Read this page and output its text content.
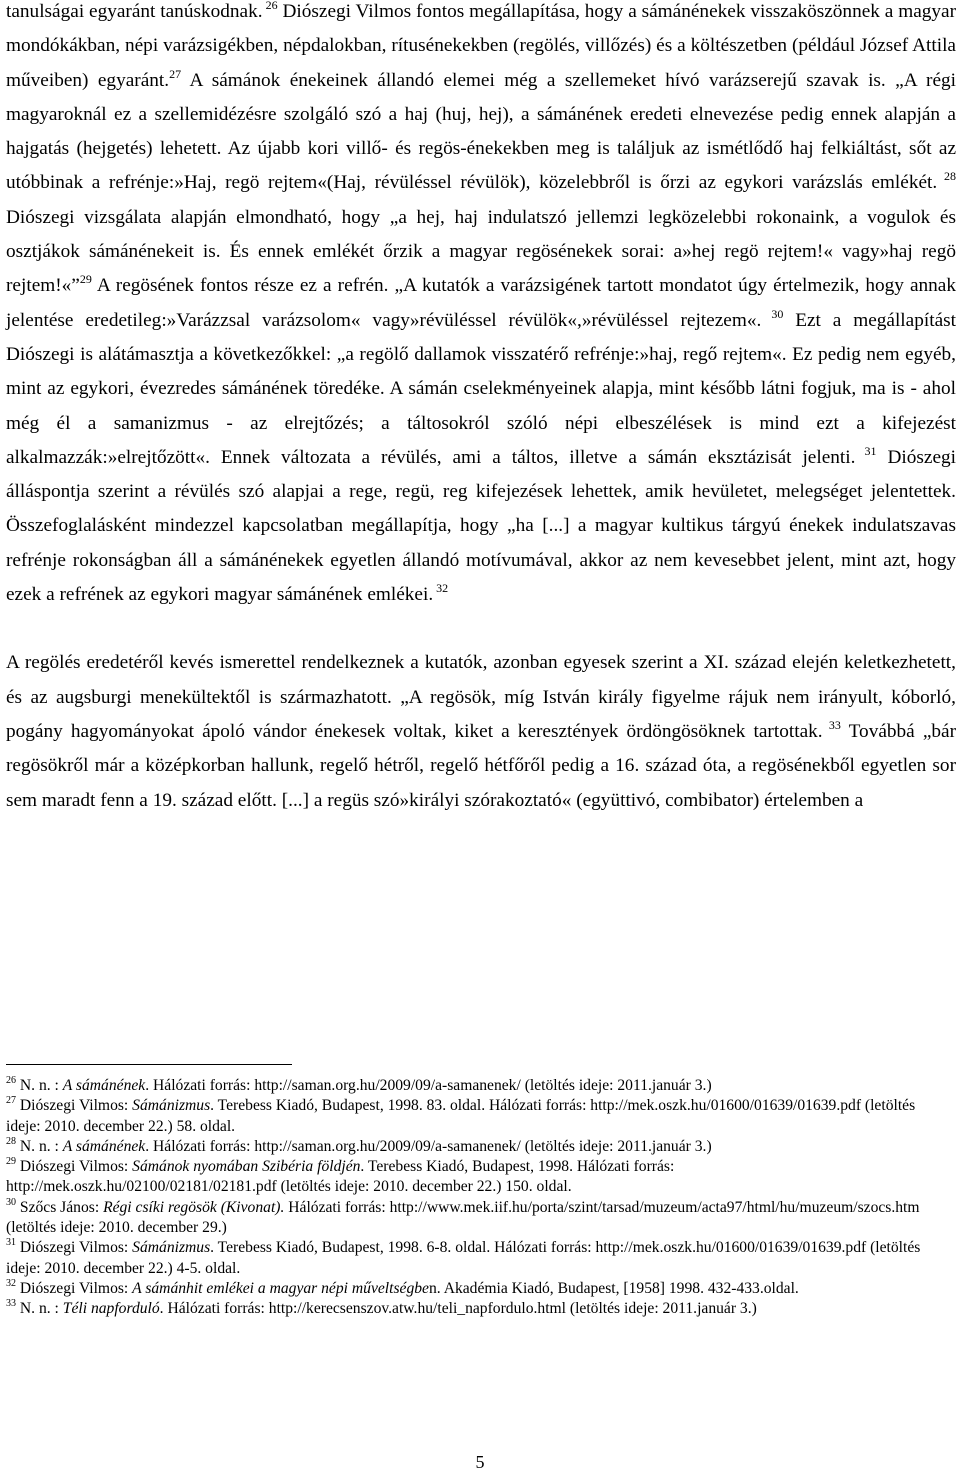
tanulságai egyaránt tanúskodnak. $^{26}$ Diószegi Vilmos fontos megállapítása, hogy a sámánénekek visszaköszönnek a magyar mondókákban, népi varázsigékben, népdalokban, rítusénekekben (regölés, villőzés) és a költészetben (például József Attila műveiben) egyaránt.$^{27}$ A sámánok énekeinek állandó elemei még a szellemeket hívó varázserejű szavak is. „A régi magyaroknál ez a szellemidézésre szolgáló szó a haj (huj, hej), a sámánének eredeti elnevezése pedig ennek alapján a hajgatás (hejgetés) lehetett. Az újabb kori villő- és regös-énekekben meg is találjuk az ismétlődő haj felkiáltást, sőt az utóbbinak a refrénje:»Haj, regö rejtem«(Haj, révüléssel révülök), közelebbről is őrzi az egykori varázslás emlékét. $^{28}$ Diószegi vizsgálata alapján elmondható, hogy „a hej, haj indulatszó jellemzi legközelebbi rokonaink, a vogulok és osztjákok sámánénekeit is. És ennek emlékét őrzik a magyar regösénekek sorai: a»hej regö rejtem!« vagy»haj regö rejtem!«”$^{29}$ A regösének fontos része ez a refrén. „A kutatók a varázsigének tartott mondatot úgy értelmezik, hogy annak jelentése eredetileg:»Varázzsal varázsolom« vagy»révüléssel révülök«,»révüléssel rejtezem«. $^{30}$ Ezt a megállapítást Diószegi is alátámasztja a következőkkel: „a regölő dallamok visszatérő refrénje:»haj, regő rejtem«. Ez pedig nem egyéb, mint az egykori, évezredes sámánének töredéke. A sámán cselekményeinek alapja, mint később látni fogjuk, ma is - ahol még él a samanizmus - az elrejtőzés; a táltosokról szóló népi elbeszélések is mind ezt a kifejezést alkalmazzák:»elrejtőzött«. Ennek változata a révülés, ami a táltos, illetve a sámán eksztázisát jelenti. $^{31}$ Diószegi álláspontja szerint a révülés szó alapjai a rege, regü, reg kifejezések lehettek, amik hevületet, melegséget jelentettek. Összefoglalásként mindezzel kapcsolatban megállapítja, hogy „ha [...] a magyar kultikus tárgyú énekek indulatszavas refrénje rokonságban áll a sámánénekek egyetlen állandó motívumával, akkor az nem kevesebbet jelent, mint azt, hogy ezek a refrének az egykori magyar sámánének emlékei. $^{32}$

A regölés eredetéről kevés ismerettel rendelkeznek a kutatók, azonban egyesek szerint a XI. század elején keletkezhetett, és az augsburgi menekültektől is származhatott. „A regösök, míg István király figyelme rájuk nem irányult, kóborló, pogány hagyományokat ápoló vándor énekesek voltak, kiket a keresztények ördöngösöknek tartottak. $^{33}$ Továbbá „bár regösökről már a középkorban hallunk, regelő hétről, regelő hétfőről pedig a 16. század óta, a regösénekből egyetlen sor sem maradt fenn a 19. század előtt. [...] a regüs szó»királyi szórakoztató« (együttivó, combibator) értelemben a

$^{26}$ N. n. : A sámánének. Hálózati forrás: http://saman.org.hu/2009/09/a-samanenek/ (letöltés ideje: 2011.január 3.)

$^{27}$ Diószegi Vilmos: Sámánizmus. Terebess Kiadó, Budapest, 1998. 83. oldal. Hálózati forrás: http://mek.oszk.hu/01600/01639/01639.pdf (letöltés ideje: 2010. december 22.) 58. oldal.

$^{28}$ N. n. : A sámánének. Hálózati forrás: http://saman.org.hu/2009/09/a-samanenek/ (letöltés ideje: 2011.január 3.)

$^{29}$ Diószegi Vilmos: Sámánok nyomában Szibéria földjén. Terebess Kiadó, Budapest, 1998. Hálózati forrás: http://mek.oszk.hu/02100/02181/02181.pdf (letöltés ideje: 2010. december 22.) 150. oldal.

$^{30}$ Szőcs János: Régi csíki regösök (Kivonat). Hálózati forrás: http://www.mek.iif.hu/porta/szint/tarsad/muzeum/acta97/html/hu/muzeum/szocs.htm (letöltés ideje: 2010. december 29.)

$^{31}$ Diószegi Vilmos: Sámánizmus. Terebess Kiadó, Budapest, 1998. 6-8. oldal. Hálózati forrás: http://mek.oszk.hu/01600/01639/01639.pdf (letöltés ideje: 2010. december 22.) 4-5. oldal.

$^{32}$ Diószegi Vilmos: A sámánhit emlékei a magyar népi műveltségben. Akadémia Kiadó, Budapest, [1958] 1998. 432-433.oldal.

$^{33}$ N. n. : Téli napforduló. Hálózati forrás: http://kerecsenszov.atw.hu/teli_napfordulo.html (letöltés ideje: 2011.január 3.)

5
